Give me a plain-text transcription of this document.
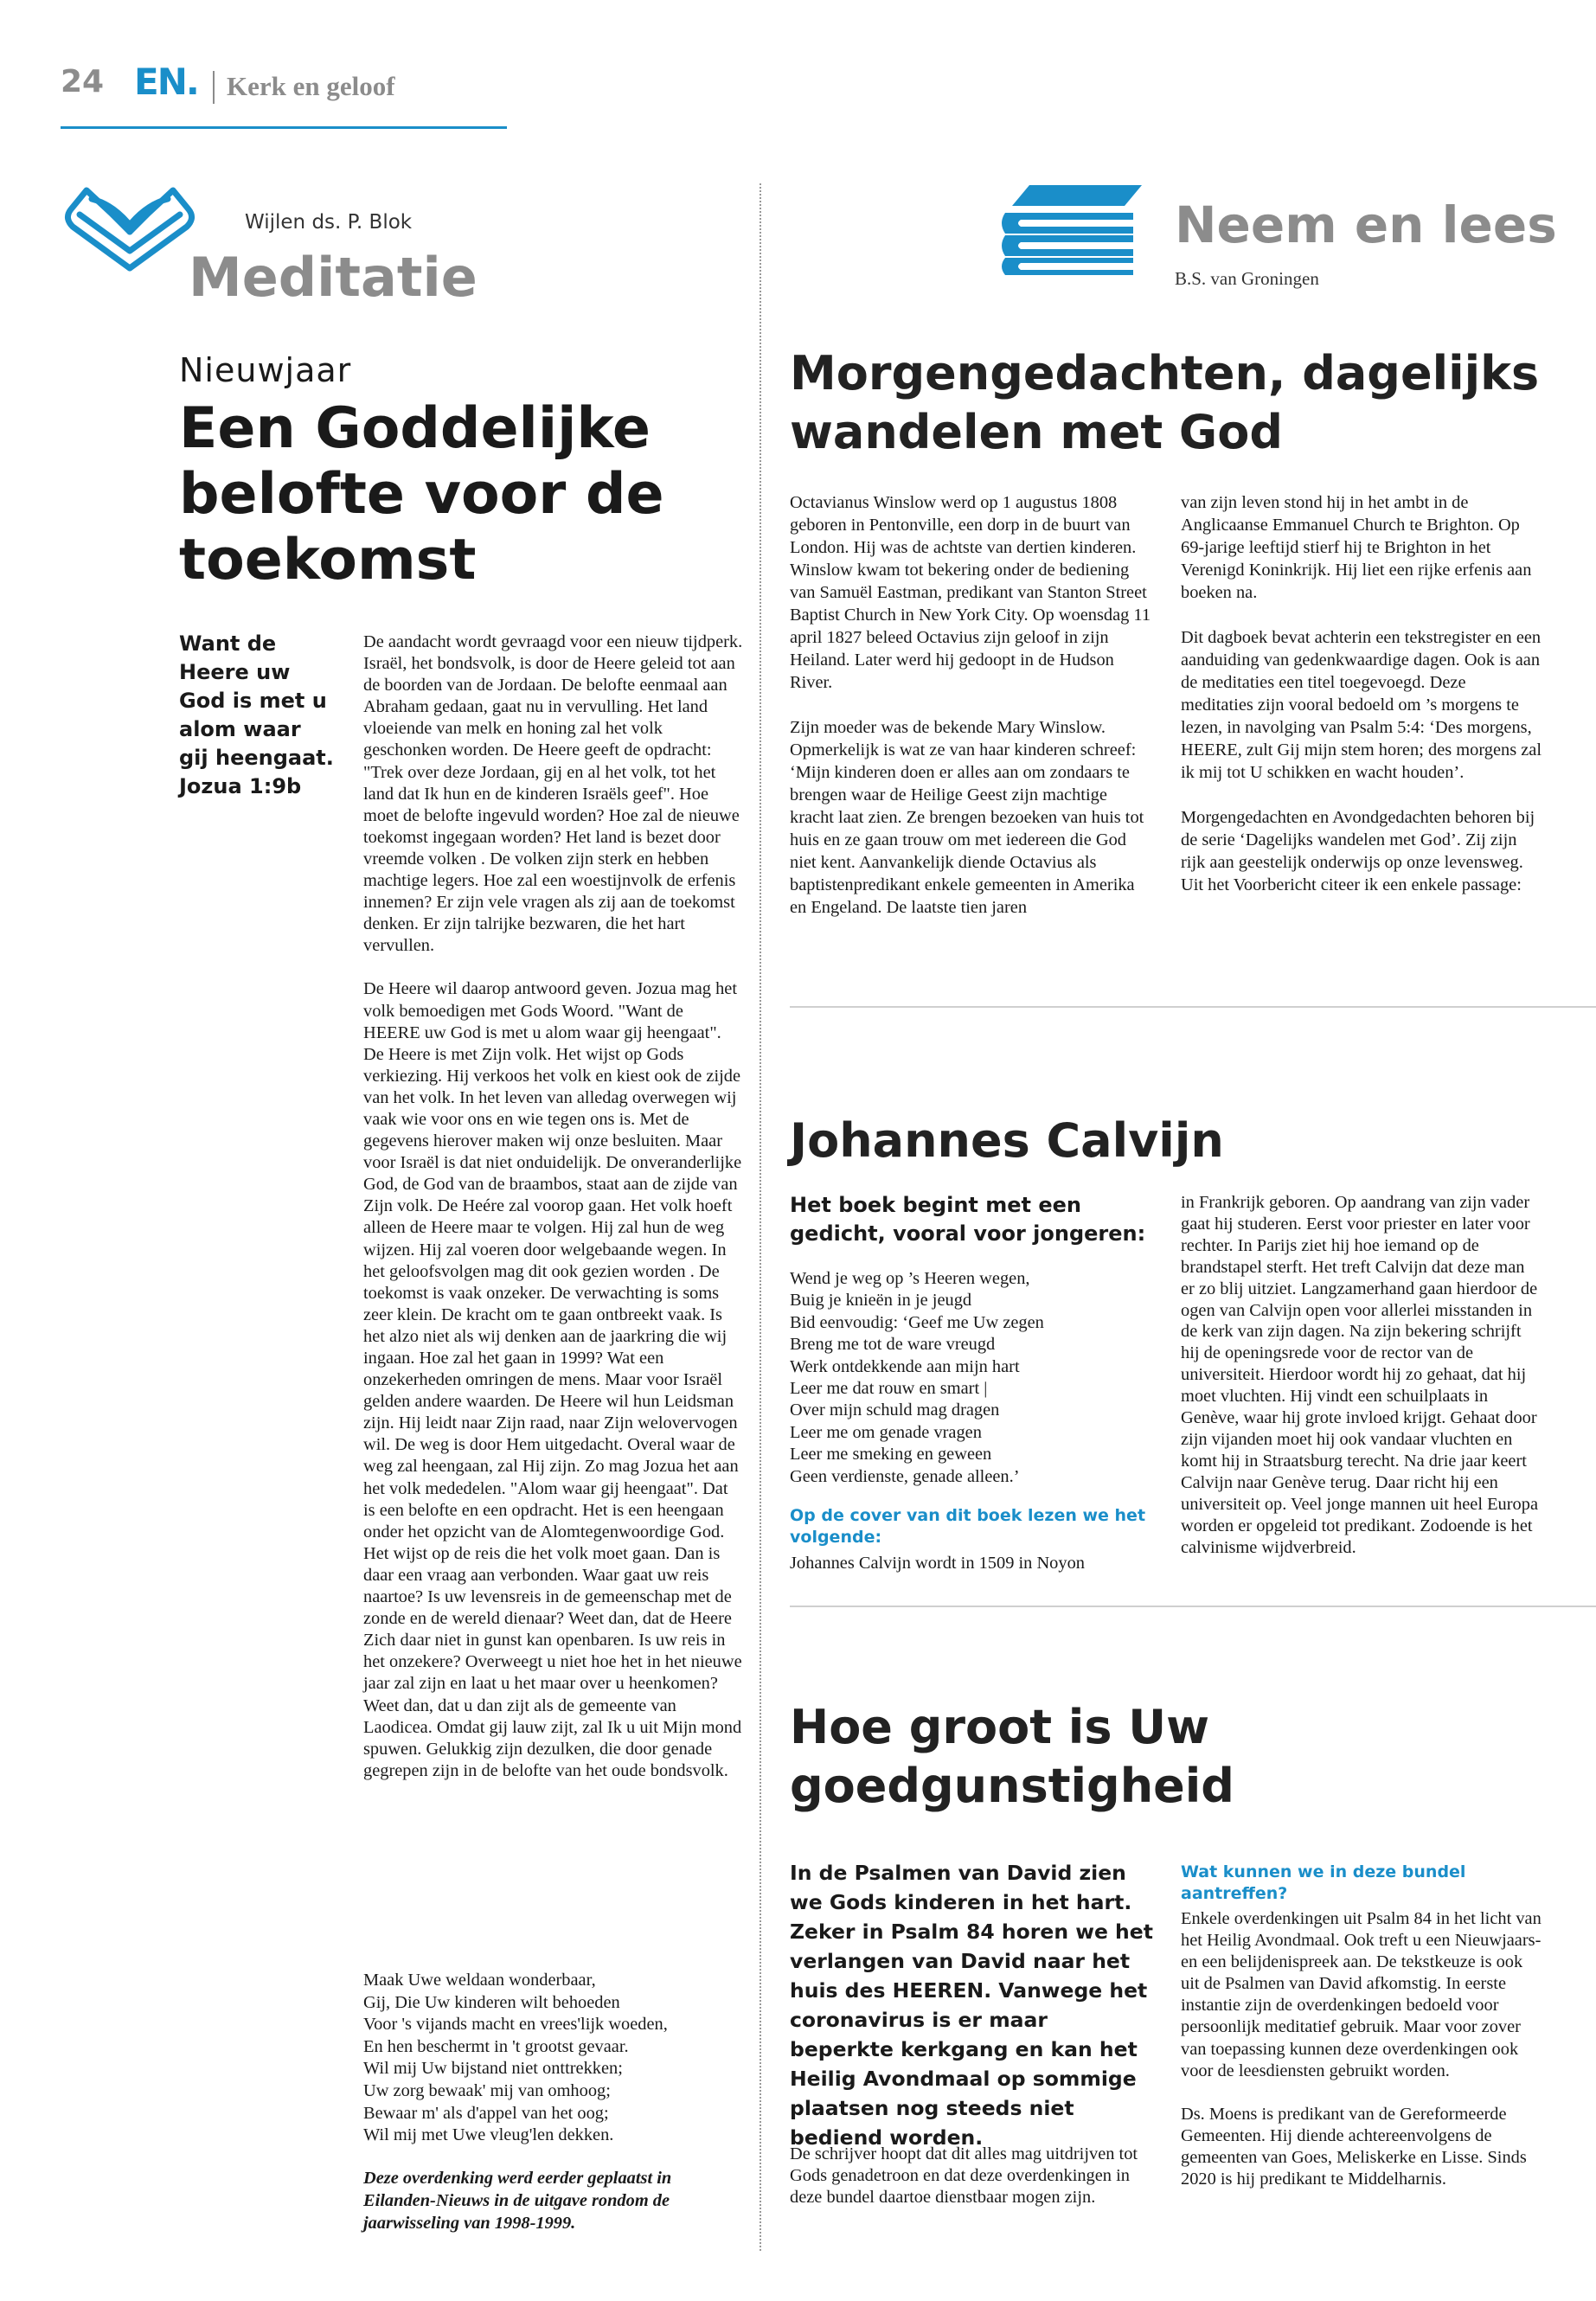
24 EN. Kerk en geloof
Wijlen ds. P. Blok
Meditatie
Nieuwjaar
Een Goddelijke belofte voor de toekomst
Want de Heere uw God is met u alom waar gij heengaat. Jozua 1:9b

De aandacht wordt gevraagd voor een nieuw tijdperk. Israël, het bondsvolk, is door de Heere geleid tot aan de boorden van de Jordaan. De belofte eenmaal aan Abraham gedaan, gaat nu in vervulling. Het land vloeiende van melk en honing zal het volk geschonken worden. De Heere geeft de opdracht: "Trek over deze Jordaan, gij en al het volk, tot het land dat Ik hun en de kinderen Israëls geef". Hoe moet de belofte ingevuld worden? Hoe zal de nieuwe toekomst ingegaan worden? Het land is bezet door vreemde volken . De volken zijn sterk en hebben machtige legers. Hoe zal een woestijnvolk de erfenis innemen? Er zijn vele vragen als zij aan de toekomst denken. Er zijn talrijke bezwaren, die het hart vervullen.

De Heere wil daarop antwoord geven. Jozua mag het volk bemoedigen met Gods Woord. "Want de HEERE uw God is met u alom waar gij heengaat". De Heere is met Zijn volk. Het wijst op Gods verkiezing. Hij verkoos het volk en kiest ook de zijde van het volk. In het leven van alledag overwegen wij vaak wie voor ons en wie tegen ons is. Met de gegevens hierover maken wij onze besluiten. Maar voor Israël is dat niet onduidelijk. De onveranderlijke God, de God van de braambos, staat aan de zijde van Zijn volk. De Heére zal voorop gaan. Het volk hoeft alleen de Heere maar te volgen. Hij zal hun de weg wijzen. Hij zal voeren door welgebaande wegen. In het geloofsvolgen mag dit ook gezien worden . De toekomst is vaak onzeker. De verwachting is soms zeer klein. De kracht om te gaan ontbreekt vaak. Is het alzo niet als wij denken aan de jaarkring die wij ingaan. Hoe zal het gaan in 1999? Wat een onzekerheden omringen de mens. Maar voor Israël gelden andere waarden. De Heere wil hun Leidsman zijn. Hij leidt naar Zijn raad, naar Zijn welovervogen wil. De weg is door Hem uitgedacht. Overal waar de weg zal heengaan, zal Hij zijn. Zo mag Jozua het aan het volk mededelen. "Alom waar gij heengaat". Dat is een belofte en een opdracht. Het is een heengaan onder het opzicht van de Alomtegenwoordige God. Het wijst op de reis die het volk moet gaan. Dan is daar een vraag aan verbonden. Waar gaat uw reis naartoe? Is uw levensreis in de gemeenschap met de zonde en de wereld dienaar? Weet dan, dat de Heere Zich daar niet in gunst kan openbaren. Is uw reis in het onzekere? Overweegt u niet hoe het in het nieuwe jaar zal zijn en laat u het maar over u heenkomen? Weet dan, dat u dan zijt als de gemeente van Laodicea. Omdat gij lauw zijt, zal Ik u uit Mijn mond spuwen. Gelukkig zijn dezulken, die door genade gegrepen zijn in de belofte van het oude bondsvolk.

Maak Uwe weldaan wonderbaar,
Gij, Die Uw kinderen wilt behoeden
Voor 's vijands macht en vrees'lijk woeden,
En hen beschermt in 't grootst gevaar.
Wil mij Uw bijstand niet onttrekken;
Uw zorg bewaak' mij van omhoog;
Bewaar m' als d'appel van het oog;
Wil mij met Uwe vleug'len dekken.
Deze overdenking werd eerder geplaatst in Eilanden-Nieuws in de uitgave rondom de jaarwisseling van 1998-1999.
Neem en lees
B.S. van Groningen
Morgengedachten, dagelijks wandelen met God

Octavianus Winslow werd op 1 augustus 1808 geboren in Pentonville, een dorp in de buurt van London. Hij was de achtste van dertien kinderen. Winslow kwam tot bekering onder de bediening van Samuël Eastman, predikant van Stanton Street Baptist Church in New York City. Op woensdag 11 april 1827 beleed Octavius zijn geloof in zijn Heiland. Later werd hij gedoopt in de Hudson River.

Zijn moeder was de bekende Mary Winslow. Opmerkelijk is wat ze van haar kinderen schreef: ‘Mijn kinderen doen er alles aan om zondaars te brengen waar de Heilige Geest zijn machtige kracht laat zien. Ze brengen bezoeken van huis tot huis en ze gaan trouw om met iedereen die God niet kent. Aanvankelijk diende Octavius als baptistenpredikant enkele gemeenten in Amerika en Engeland. De laatste tien jaren

van zijn leven stond hij in het ambt in de Anglicaanse Emmanuel Church te Brighton. Op 69-jarige leeftijd stierf hij te Brighton in het Verenigd Koninkrijk. Hij liet een rijke erfenis aan boeken na.

Dit dagboek bevat achterin een tekstregister en een aanduiding van gedenkwaardige dagen. Ook is aan de meditaties een titel toegevoegd. Deze meditaties zijn vooral bedoeld om ’s morgens te lezen, in navolging van Psalm 5:4: ‘Des morgens, HEERE, zult Gij mijn stem horen; des morgens zal ik mij tot U schikken en wacht houden’.

Morgengedachten en Avondgedachten behoren bij de serie ‘Dagelijks wandelen met God’. Zij zijn rijk aan geestelijk onderwijs op onze levensweg. Uit het Voorbericht citeer ik een enkele passage:

Johannes Calvijn
Het boek begint met een gedicht, vooral voor jongeren:
Wend je weg op ’s Heeren wegen,
Buig je knieën in je jeugd
Bid eenvoudig: ‘Geef me Uw zegen
Breng me tot de ware vreugd
Werk ontdekkende aan mijn hart
Leer me dat rouw en smart |
Over mijn schuld mag dragen
Leer me om genade vragen
Leer me smeking en geween
Geen verdienste, genade alleen.’
Op de cover van dit boek lezen we het volgende:
Johannes Calvijn wordt in 1509 in Noyon
in Frankrijk geboren. Op aandrang van zijn vader gaat hij studeren. Eerst voor priester en later voor rechter. In Parijs ziet hij hoe iemand op de brandstapel sterft. Het treft Calvijn dat deze man er zo blij uitziet. Langzamerhand gaan hierdoor de ogen van Calvijn open voor allerlei misstanden in de kerk van zijn dagen. Na zijn bekering schrijft hij de openingsrede voor de rector van de universiteit. Hierdoor wordt hij zo gehaat, dat hij moet vluchten. Hij vindt een schuilplaats in Genève, waar hij grote invloed krijgt. Gehaat door zijn vijanden moet hij ook vandaar vluchten en komt hij in Straatsburg terecht. Na drie jaar keert Calvijn naar Genève terug. Daar richt hij een universiteit op. Veel jonge mannen uit heel Europa worden er opgeleid tot predikant. Zodoende is het calvinisme wijdverbreid.
Hoe groot is Uw goedgunstigheid
In de Psalmen van David zien we Gods kinderen in het hart. Zeker in Psalm 84 horen we het verlangen van David naar het huis des HEEREN. Vanwege het coronavirus is er maar beperkte kerkgang en kan het Heilig Avondmaal op sommige plaatsen nog steeds niet bediend worden.
De schrijver hoopt dat dit alles mag uitdrijven tot Gods genadetroon en dat deze overdenkingen in deze bundel daartoe dienstbaar mogen zijn.
Wat kunnen we in deze bundel aantreffen?

Enkele overdenkingen uit Psalm 84 in het licht van het Heilig Avondmaal. Ook treft u een Nieuwjaars- en een belijdenispreek aan. De tekstkeuze is ook uit de Psalmen van David afkomstig. In eerste instantie zijn de overdenkingen bedoeld voor persoonlijk meditatief gebruik. Maar voor zover van toepassing kunnen deze overdenkingen ook voor de leesdiensten gebruikt worden.

Ds. Moens is predikant van de Gereformeerde Gemeenten. Hij diende achtereenvolgens de gemeenten van Goes, Meliskerke en Lisse. Sinds 2020 is hij predikant te Middelharnis.
